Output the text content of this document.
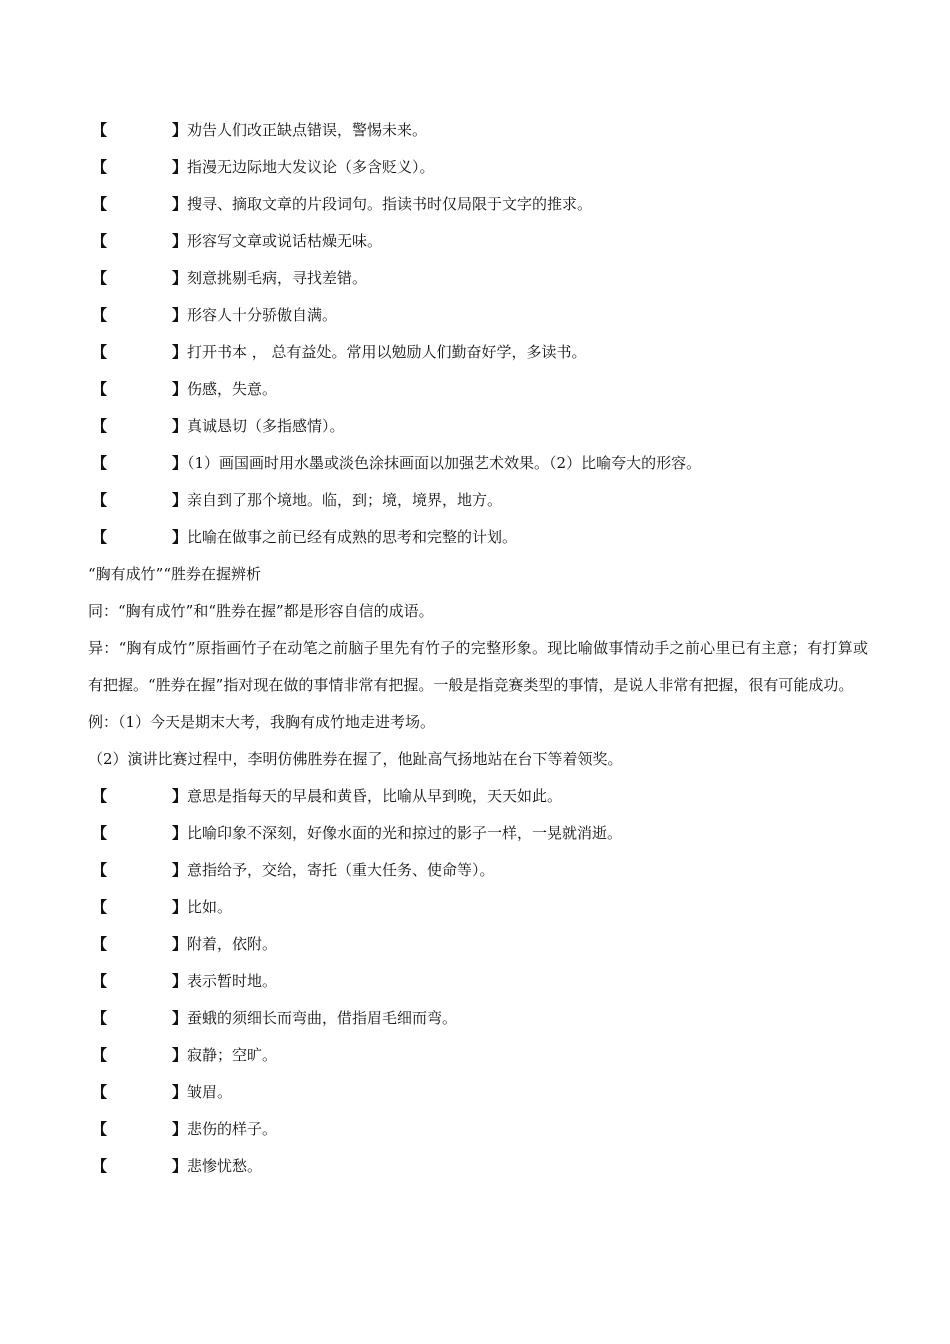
【	】劝告人们改正缺点错误，警惕未来。
【	】指漫无边际地大发议论（多含贬义）。
【	】搜寻、摘取文章的片段词句。指读书时仅局限于文字的推求。
【	】形容写文章或说话枯燥无味。
【	】刻意挑剔毛病，寻找差错。
【	】形容人十分骄傲自满。
【	】打开书本 ， 总有益处。常用以勉励人们勤奋好学，多读书。
【	】伤感，失意。
【	】真诚恳切（多指感情）。
【	】（1）画国画时用水墨或淡色涂抹画面以加强艺术效果。（2）比喻夸大的形容。
【	】亲自到了那个境地。临，到；境，境界，地方。
【	】比喻在做事之前已经有成熟的思考和完整的计划。
“胸有成竹”“胜券在握辨析
同：“胸有成竹”和“胜券在握”都是形容自信的成语。
异：“胸有成竹”原指画竹子在动笔之前脑子里先有竹子的完整形象。现比喻做事情动手之前心里已有主意；有打算或有把握。“胜券在握”指对现在做的事情非常有把握。一般是指竞赛类型的事情，是说人非常有把握，很有可能成功。
例：（1）今天是期末大考，我胸有成竹地走进考场。
（2）演讲比赛过程中，李明仿佛胜券在握了，他趾高气扬地站在台下等着领奖。
【	】意思是指每天的早晨和黄昏，比喻从早到晚，天天如此。
【	】比喻印象不深刻，好像水面的光和掠过的影子一样，一晃就消逝。
【	】意指给予，交给，寄托（重大任务、使命等）。
【	】比如。
【	】附着，依附。
【	】表示暂时地。
【	】蚕蛾的须细长而弯曲，借指眉毛细而弯。
【	】寂静；空旷。
【	】皱眉。
【	】悲伤的样子。
【	】悲惨忧愁。
